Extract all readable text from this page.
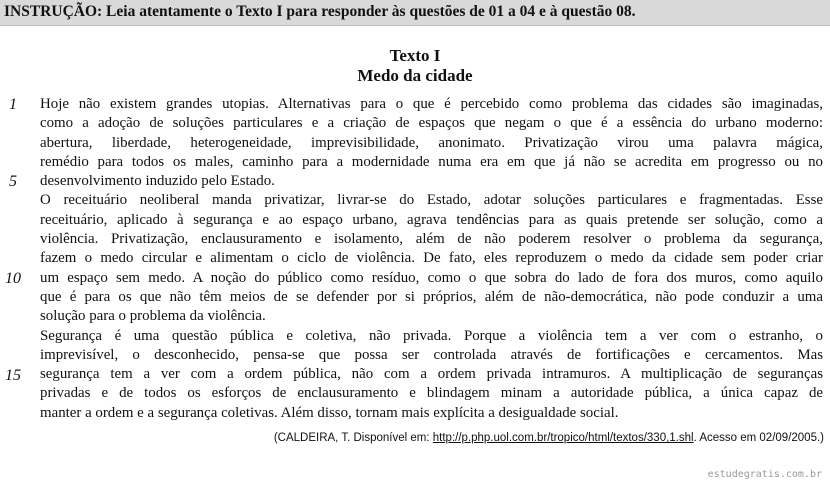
INSTRUÇÃO: Leia atentamente o Texto I para responder às questões de 01 a 04 e à questão 08.
Texto I
Medo da cidade
1
5
10
15
Hoje não existem grandes utopias. Alternativas para o que é percebido como problema das cidades são imaginadas,
como a adoção de soluções particulares e a criação de espaços que negam o que é a essência do urbano moderno:
abertura, liberdade, heterogeneidade, imprevisibilidade, anonimato. Privatização virou uma palavra mágica,
remédio para todos os males, caminho para a modernidade numa era em que já não se acredita em progresso ou no
desenvolvimento induzido pelo Estado.
O receituário neoliberal manda privatizar, livrar-se do Estado, adotar soluções particulares e fragmentadas. Esse
receituário, aplicado à segurança e ao espaço urbano, agrava tendências para as quais pretende ser solução, como a
violência. Privatização, enclausuramento e isolamento, além de não poderem resolver o problema da segurança,
fazem o medo circular e alimentam o ciclo de violência. De fato, eles reproduzem o medo da cidade sem poder criar
um espaço sem medo. A noção do público como resíduo, como o que sobra do lado de fora dos muros, como aquilo
que é para os que não têm meios de se defender por si próprios, além de não-democrática, não pode conduzir a uma
solução para o problema da violência.
Segurança é uma questão pública e coletiva, não privada. Porque a violência tem a ver com o estranho, o
imprevisível, o desconhecido, pensa-se que possa ser controlada através de fortificações e cercamentos. Mas
segurança tem a ver com a ordem pública, não com a ordem privada intramuros. A multiplicação de seguranças
privadas e de todos os esforços de enclausuramento e blindagem minam a autoridade pública, a única capaz de
manter a ordem e a segurança coletivas. Além disso, tornam mais explícita a desigualdade social.
(CALDEIRA, T. Disponível em: http://p.php.uol.com.br/tropico/html/textos/330,1.shl. Acesso em 02/09/2005.)
estudegratis.com.br
